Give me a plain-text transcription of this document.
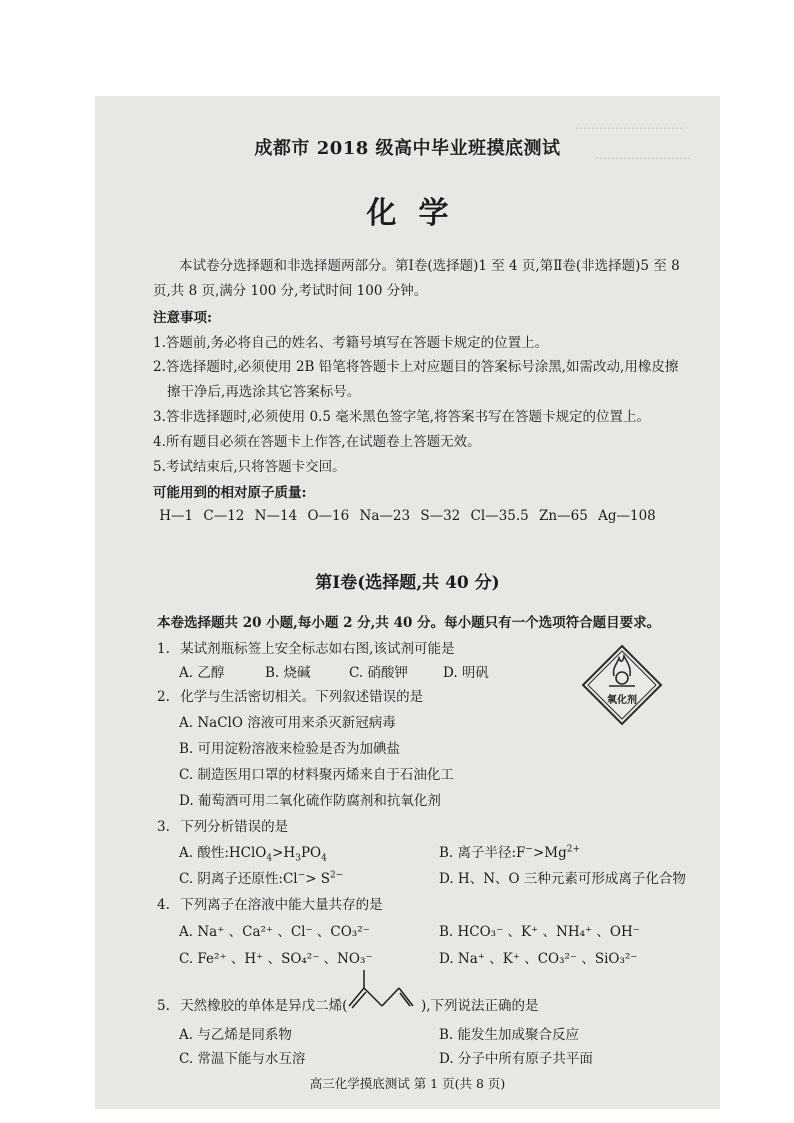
………………………
……………………
成都市 2018 级高中毕业班摸底测试
化学
本试卷分选择题和非选择题两部分。第Ⅰ卷(选择题)1 至 4 页,第Ⅱ卷(非选择题)5 至 8
页,共 8 页,满分 100 分,考试时间 100 分钟。
注意事项:
1.答题前,务必将自己的姓名、考籍号填写在答题卡规定的位置上。
2.答选择题时,必须使用 2B 铅笔将答题卡上对应题目的答案标号涂黑,如需改动,用橡皮擦
擦干净后,再选涂其它答案标号。
3.答非选择题时,必须使用 0.5 毫米黑色签字笔,将答案书写在答题卡规定的位置上。
4.所有题目必须在答题卡上作答,在试题卷上答题无效。
5.考试结束后,只将答题卡交回。
可能用到的相对原子质量:
H—1 C—12 N—14 O—16 Na—23 S—32 Cl—35.5 Zn—65 Ag—108
第Ⅰ卷(选择题,共 40 分)
本卷选择题共 20 小题,每小题 2 分,共 40 分。每小题只有一个选项符合题目要求。
1. 某试剂瓶标签上安全标志如右图,该试剂可能是
A. 乙醇	B. 烧碱	C. 硝酸钾	D. 明矾
氧化剂
2. 化学与生活密切相关。下列叙述错误的是
A. NaClO 溶液可用来杀灭新冠病毒
B. 可用淀粉溶液来检验是否为加碘盐
C. 制造医用口罩的材料聚丙烯来自于石油化工
D. 葡萄酒可用二氧化硫作防腐剂和抗氧化剂
3. 下列分析错误的是
A. 酸性$:HClO_4>H_3PO_4$	B. 离子半径$:F^->Mg^{2+}$
C. 阴离子还原性:Cl−> $S^{2-}$	D. H、N、O 三种元素可形成离子化合物
4. 下列离子在溶液中能大量共存的是
A. Na⁺ 、Ca²⁺ 、Cl⁻ 、CO₃²⁻	B. HCO₃⁻ 、K⁺ 、NH₄⁺ 、OH⁻
C. Fe²⁺ 、H⁺ 、SO₄²⁻ 、NO₃⁻	D. Na⁺ 、K⁺ 、CO₃²⁻ 、SiO₃²⁻
5. 天然橡胶的单体是异戊二烯(	),下列说法正确的是
A. 与乙烯是同系物	B. 能发生加成聚合反应
C. 常温下能与水互溶	D. 分子中所有原子共平面
高三化学摸底测试 第 1 页(共 8 页)
